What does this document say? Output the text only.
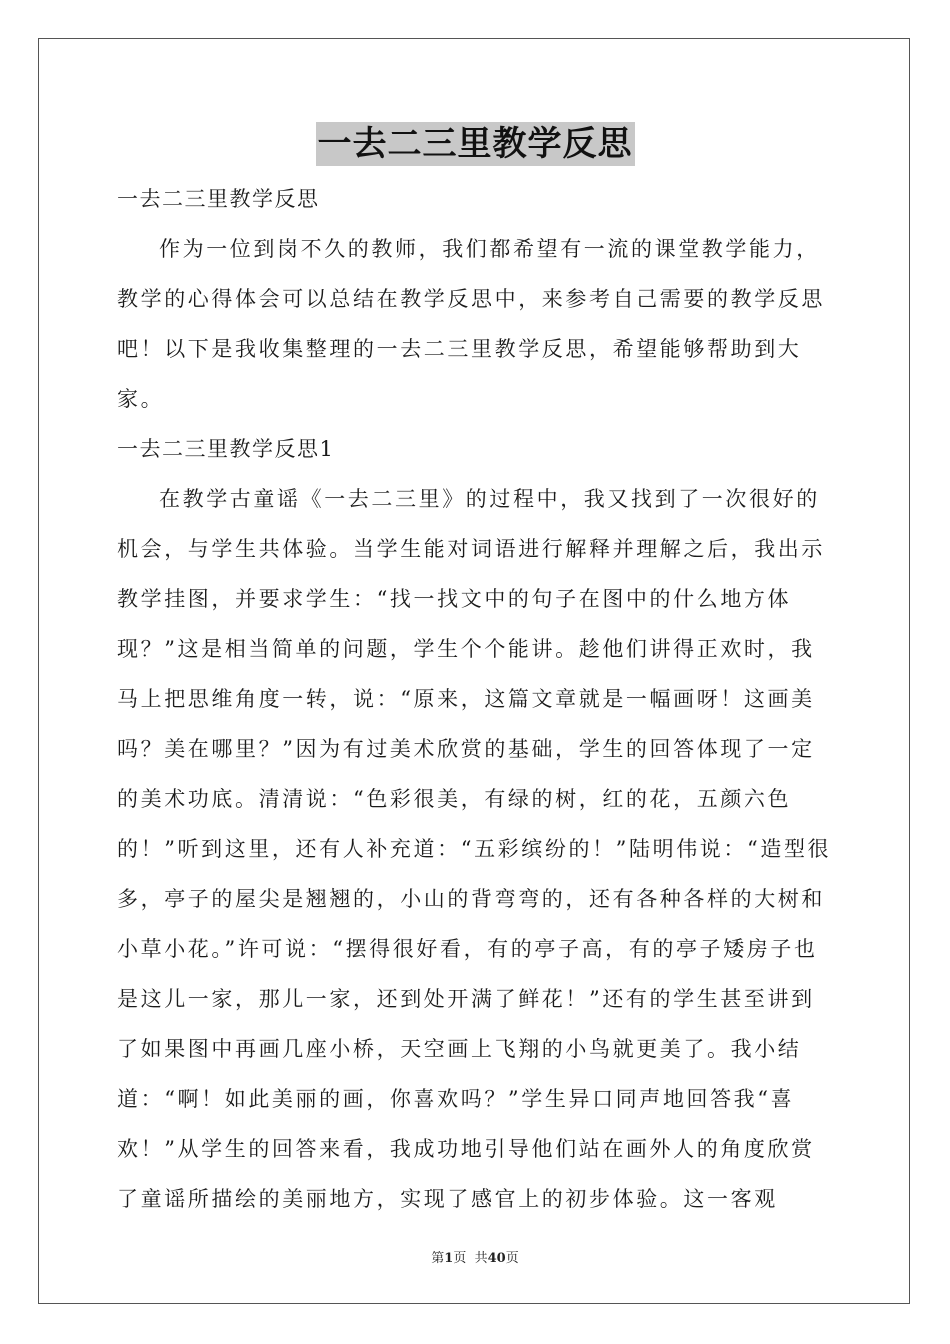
一去二三里教学反思

一去二三里教学反思

作为一位到岗不久的教师，我们都希望有一流的课堂教学能力，教学的心得体会可以总结在教学反思中，来参考自己需要的教学反思吧！以下是我收集整理的一去二三里教学反思，希望能够帮助到大家。

一去二三里教学反思1

在教学古童谣《一去二三里》的过程中，我又找到了一次很好的机会，与学生共体验。当学生能对词语进行解释并理解之后，我出示教学挂图，并要求学生：“找一找文中的句子在图中的什么地方体现？”这是相当简单的问题，学生个个能讲。趁他们讲得正欢时，我马上把思维角度一转，说：“原来，这篇文章就是一幅画呀！这画美吗？美在哪里？”因为有过美术欣赏的基础，学生的回答体现了一定的美术功底。清清说：“色彩很美，有绿的树，红的花，五颜六色的！”听到这里，还有人补充道：“五彩缤纷的！”陆明伟说：“造型很多，亭子的屋尖是翘翘的，小山的背弯弯的，还有各种各样的大树和小草小花。”许可说：“摆得很好看，有的亭子高，有的亭子矮房子也是这儿一家，那儿一家，还到处开满了鲜花！”还有的学生甚至讲到了如果图中再画几座小桥，天空画上飞翔的小鸟就更美了。我小结道：“啊！如此美丽的画，你喜欢吗？”学生异口同声地回答我“喜欢！”从学生的回答来看，我成功地引导他们站在画外人的角度欣赏了童谣所描绘的美丽地方，实现了感官上的初步体验。这一客观

第1页  共40页
